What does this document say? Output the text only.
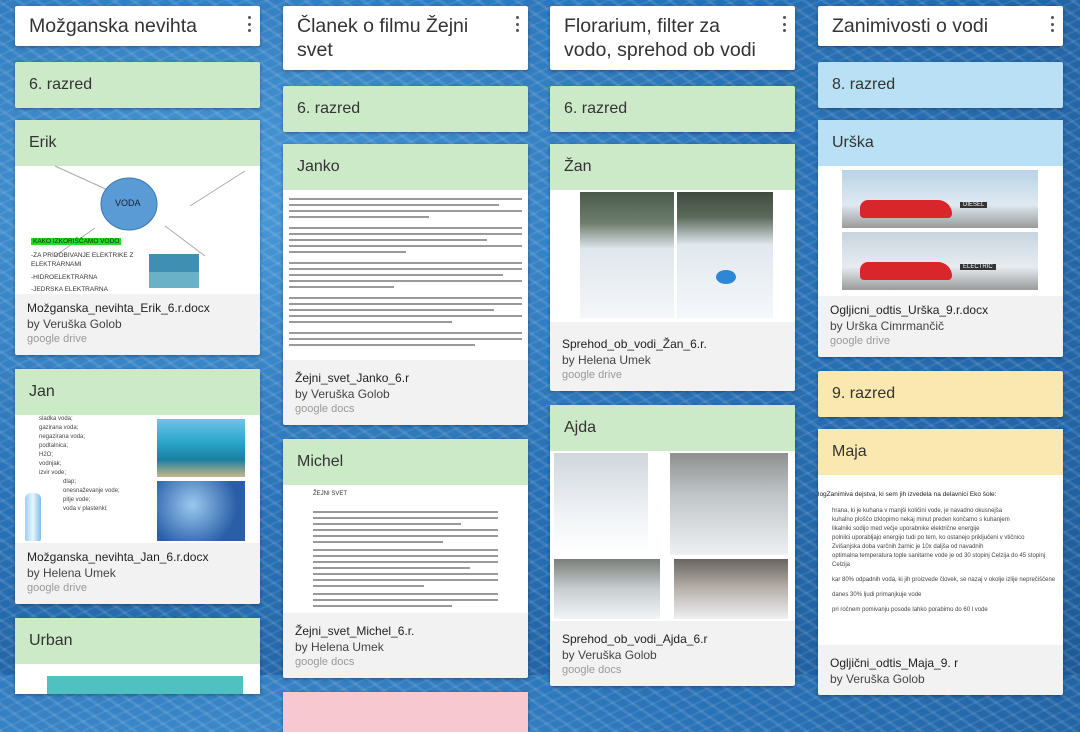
Možganska nevihta
6. razred
Erik
VODA
KAKO IZKORIŠČAMO VODO
-ZA PRIDOBIVANJE ELEKTRIKE Z
ELEKTRARNAMI
-HIDROELEKTRARNA
-JEDRSKA ELEKTRARNA
Možganska_nevihta_Erik_6.r.docx
by Veruška Golob
google drive
Jan
sladka voda;
gazirana voda;
negazirana voda;
podtalnica;
H2O;
vodnjak;
izvir vode;
dlap;
onesnaževanje vode;
pitje vode;
voda v plastenki;
Možganska_nevihta_Jan_6.r.docx
by Helena Umek
google drive
Urban
Članek o filmu Žejni svet
6. razred
Janko
Žejni_svet_Janko_6.r
by Veruška Golob
google docs
Michel
ŽEJNI SVET
Žejni_svet_Michel_6.r.
by Helena Umek
google docs
Florarium, filter za vodo, sprehod ob vodi
6. razred
Žan
Sprehod_ob_vodi_Žan_6.r.
by Helena Umek
google drive
Ajda
Sprehod_ob_vodi_Ajda_6.r
by Veruška Golob
google docs
Zanimivosti o vodi
8. razred
Urška
DIESEL
ELECTRIC
Ogljicni_odtis_Urška_9.r.docx
by Urška Cimrmančič
google drive
9. razred
Maja
logZanimiva dejstva, ki sem jih izvedela na delavnici Eko šole:
hrana, ki je kuhana v manjši količini vode, je navadno okusnejša
kuhalno ploščo izklopimo nekaj minut preden končamo s kuhanjem
likalniki sodijo med večje uporabnike električne energije
polnilci uporabljajo energijo tudi po tem, ko ostanejo priključeni v vtičnico
Zvišanjska doba varčnih žarnic je 10x daljša od navadnih
optimalna temperatura tople sanitarne vode je od 30 stopinj Celzija do 45 stopinj
Celzija
kar 80% odpadnih voda, ki jih proizvede človek, se nazaj v okolje izlije neprečiščene
danes 30% ljudi primanjkuje vode
pri ročnem pomivanju posode lahko porabimo do 60 l vode
Ogljični_odtis_Maja_9. r
by Veruška Golob
